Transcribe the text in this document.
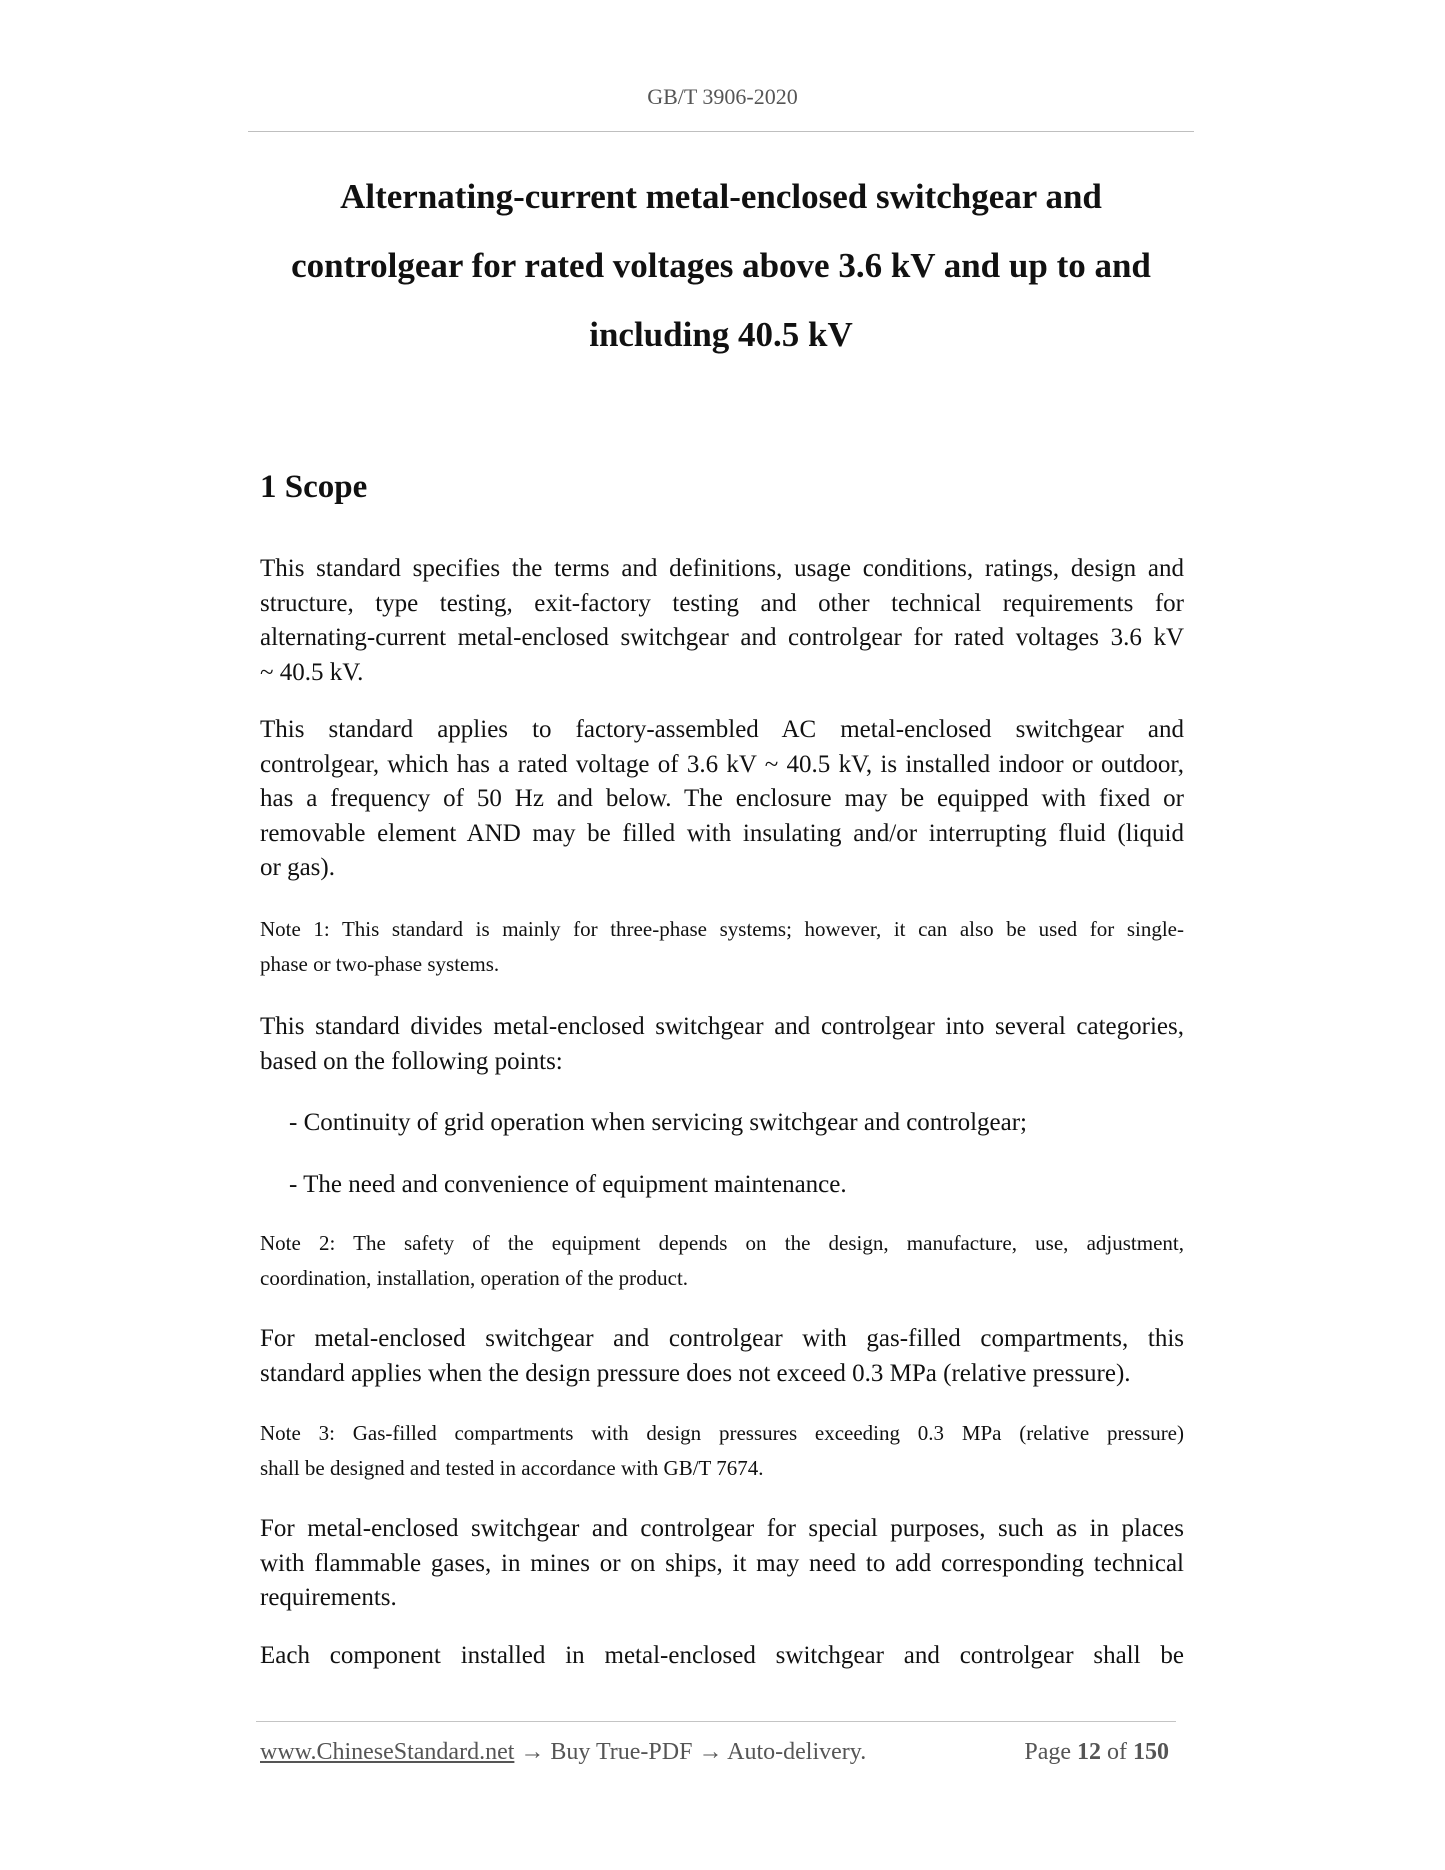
GB/T 3906-2020
Alternating-current metal-enclosed switchgear and
controlgear for rated voltages above 3.6 kV and up to and
including 40.5 kV
1 Scope

This standard specifies the terms and definitions, usage conditions, ratings, design and
structure, type testing, exit-factory testing and other technical requirements for
alternating-current metal-enclosed switchgear and controlgear for rated voltages 3.6 kV
~ 40.5 kV.

This standard applies to factory-assembled AC metal-enclosed switchgear and
controlgear, which has a rated voltage of 3.6 kV ~ 40.5 kV, is installed indoor or outdoor,
has a frequency of 50 Hz and below. The enclosure may be equipped with fixed or
removable element AND may be filled with insulating and/or interrupting fluid (liquid
or gas).

Note 1: This standard is mainly for three-phase systems; however, it can also be used for single-
phase or two-phase systems.

This standard divides metal-enclosed switchgear and controlgear into several categories,
based on the following points:

- Continuity of grid operation when servicing switchgear and controlgear;

- The need and convenience of equipment maintenance.

Note 2: The safety of the equipment depends on the design, manufacture, use, adjustment,
coordination, installation, operation of the product.

For metal-enclosed switchgear and controlgear with gas-filled compartments, this
standard applies when the design pressure does not exceed 0.3 MPa (relative pressure).

Note 3: Gas-filled compartments with design pressures exceeding 0.3 MPa (relative pressure)
shall be designed and tested in accordance with GB/T 7674.

For metal-enclosed switchgear and controlgear for special purposes, such as in places
with flammable gases, in mines or on ships, it may need to add corresponding technical
requirements.

Each component installed in metal-enclosed switchgear and controlgear shall be

www.ChineseStandard.net → Buy True-PDF → Auto-delivery.	Page 12 of 150
